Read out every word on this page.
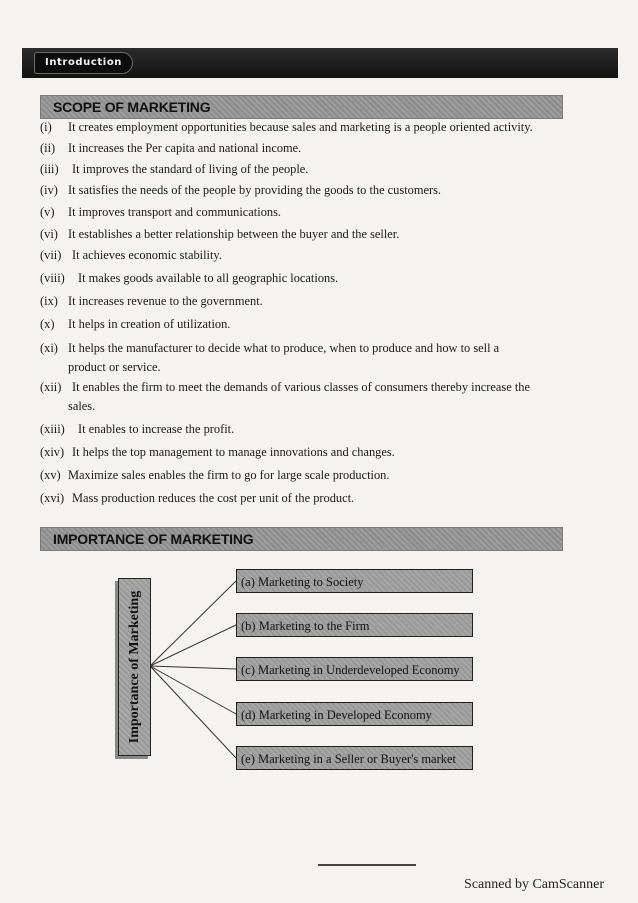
Introduction
SCOPE OF MARKETING
(i)	It creates employment opportunities because sales and marketing is a people oriented activity.
(ii)	It increases the Per capita and national income.
(iii)	It improves the standard of living of the people.
(iv) It satisfies the needs of the people by providing the goods to the customers.
(v)	It improves transport and communications.
(vi) It establishes a better relationship between the buyer and the seller.
(vii) It achieves economic stability.
(viii)	It makes goods available to all geographic locations.
(ix) It increases revenue to the government.
(x)	It helps in creation of utilization.
(xi) It helps the manufacturer to decide what to produce, when to produce and how to sell a
product or service.
(xii) It enables the firm to meet the demands of various classes of consumers thereby increase the
sales.
(xiii)	It enables to increase the profit.
(xiv) It helps the top management to manage innovations and changes.
(xv) Maximize sales enables the firm to go for large scale production.
(xvi) Mass production reduces the cost per unit of the product.
IMPORTANCE OF MARKETING
Importance of Marketing
(a) Marketing to Society
(b) Marketing to the Firm
(c) Marketing in Underdeveloped Economy
(d) Marketing in Developed Economy
(e) Marketing in a Seller or Buyer's market
Scanned by CamScanner
